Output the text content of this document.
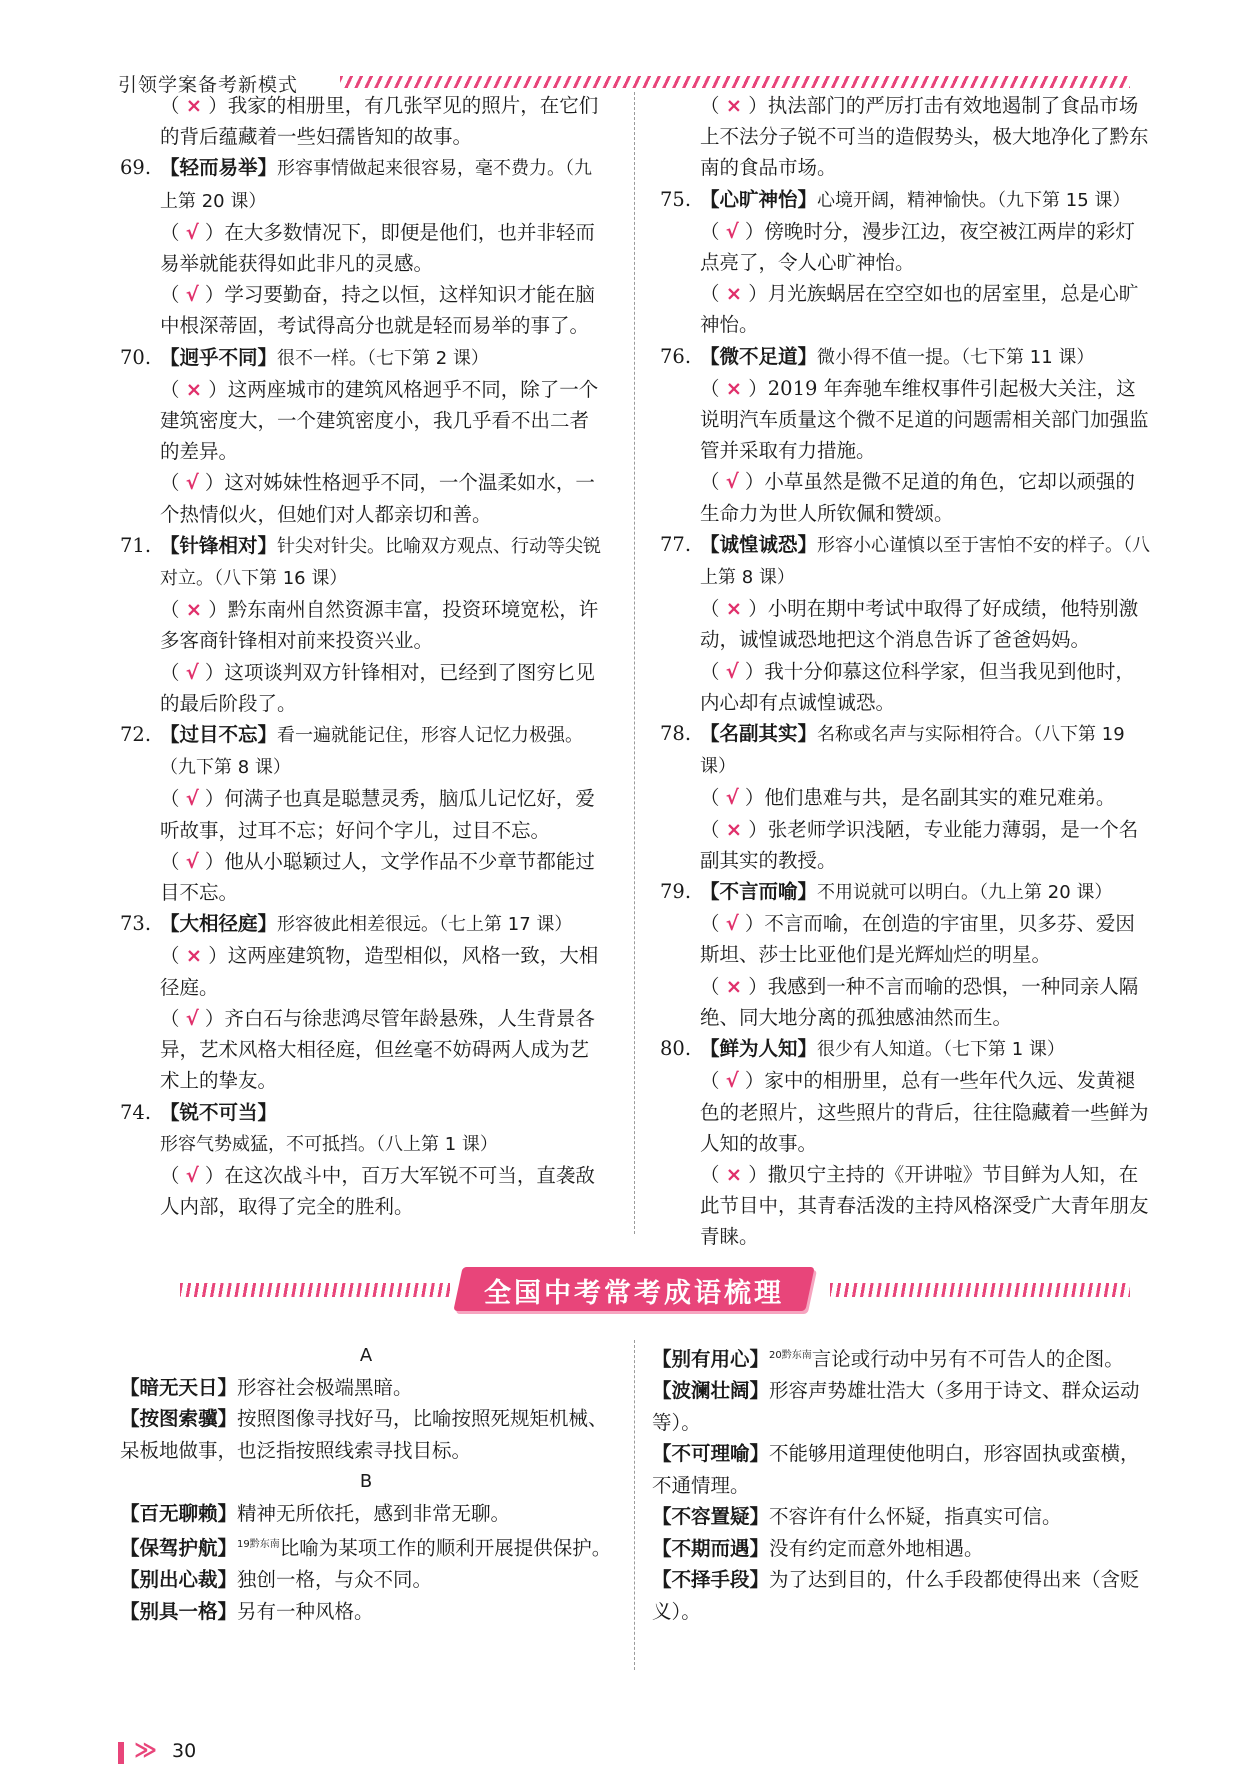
引领学案备考新模式
（ × ）我家的相册里，有几张罕见的照片，在它们的背后蕴藏着一些妇孺皆知的故事。
69. 【轻而易举】形容事情做起来很容易，毫不费力。（九上第 20 课）
（ √ ）在大多数情况下，即便是他们，也并非轻而易举就能获得如此非凡的灵感。
（ √ ）学习要勤奋，持之以恒，这样知识才能在脑中根深蒂固，考试得高分也就是轻而易举的事了。
70. 【迥乎不同】很不一样。（七下第 2 课）
（ × ）这两座城市的建筑风格迥乎不同，除了一个建筑密度大，一个建筑密度小，我几乎看不出二者的差异。
（ √ ）这对姊妹性格迥乎不同，一个温柔如水，一个热情似火，但她们对人都亲切和善。
71. 【针锋相对】针尖对针尖。比喻双方观点、行动等尖锐对立。（八下第 16 课）
（ × ）黔东南州自然资源丰富，投资环境宽松，许多客商针锋相对前来投资兴业。
（ √ ）这项谈判双方针锋相对，已经到了图穷匕见的最后阶段了。
72. 【过目不忘】看一遍就能记住，形容人记忆力极强。（九下第 8 课）
（ √ ）何满子也真是聪慧灵秀，脑瓜儿记忆好，爱听故事，过耳不忘；好问个字儿，过目不忘。
（ √ ）他从小聪颖过人，文学作品不少章节都能过目不忘。
73. 【大相径庭】形容彼此相差很远。（七上第 17 课）
（ × ）这两座建筑物，造型相似，风格一致，大相径庭。
（ √ ）齐白石与徐悲鸿尽管年龄悬殊，人生背景各异，艺术风格大相径庭，但丝毫不妨碍两人成为艺术上的挚友。
74. 【锐不可当】形容气势威猛，不可抵挡。（八上第 1 课）
（ √ ）在这次战斗中，百万大军锐不可当，直袭敌人内部，取得了完全的胜利。
（ × ）执法部门的严厉打击有效地遏制了食品市场上不法分子锐不可当的造假势头，极大地净化了黔东南的食品市场。
75. 【心旷神怡】心境开阔，精神愉快。（九下第 15 课）
（ √ ）傍晚时分，漫步江边，夜空被江两岸的彩灯点亮了，令人心旷神怡。
（ × ）月光族蜗居在空空如也的居室里，总是心旷神怡。
76. 【微不足道】微小得不值一提。（七下第 11 课）
（ × ）2019 年奔驰车维权事件引起极大关注，这说明汽车质量这个微不足道的问题需相关部门加强监管并采取有力措施。
（ √ ）小草虽然是微不足道的角色，它却以顽强的生命力为世人所钦佩和赞颂。
77. 【诚惶诚恐】形容小心谨慎以至于害怕不安的样子。（八上第 8 课）
（ × ）小明在期中考试中取得了好成绩，他特别激动，诚惶诚恐地把这个消息告诉了爸爸妈妈。
（ √ ）我十分仰慕这位科学家，但当我见到他时，内心却有点诚惶诚恐。
78. 【名副其实】名称或名声与实际相符合。（八下第 19 课）
（ √ ）他们患难与共，是名副其实的难兄难弟。
（ × ）张老师学识浅陋，专业能力薄弱，是一个名副其实的教授。
79. 【不言而喻】不用说就可以明白。（九上第 20 课）
（ √ ）不言而喻，在创造的宇宙里，贝多芬、爱因斯坦、莎士比亚他们是光辉灿烂的明星。
（ × ）我感到一种不言而喻的恐惧，一种同亲人隔绝、同大地分离的孤独感油然而生。
80. 【鲜为人知】很少有人知道。（七下第 1 课）
（ √ ）家中的相册里，总有一些年代久远、发黄褪色的老照片，这些照片的背后，往往隐藏着一些鲜为人知的故事。
（ × ）撒贝宁主持的《开讲啦》节目鲜为人知，在此节目中，其青春活泼的主持风格深受广大青年朋友青睐。
全国中考常考成语梳理
A
【暗无天日】形容社会极端黑暗。
【按图索骥】按照图像寻找好马，比喻按照死规矩机械、呆板地做事，也泛指按照线索寻找目标。
B
【百无聊赖】精神无所依托，感到非常无聊。
【保驾护航】$^{19黔东南}$比喻为某项工作的顺利开展提供保护。
【别出心裁】独创一格，与众不同。
【别具一格】另有一种风格。
【别有用心】$^{20黔东南}$言论或行动中另有不可告人的企图。
【波澜壮阔】形容声势雄壮浩大（多用于诗文、群众运动等）。
【不可理喻】不能够用道理使他明白，形容固执或蛮横，不通情理。
【不容置疑】不容许有什么怀疑，指真实可信。
【不期而遇】没有约定而意外地相遇。
【不择手段】为了达到目的，什么手段都使得出来（含贬义）。
≫ 30
